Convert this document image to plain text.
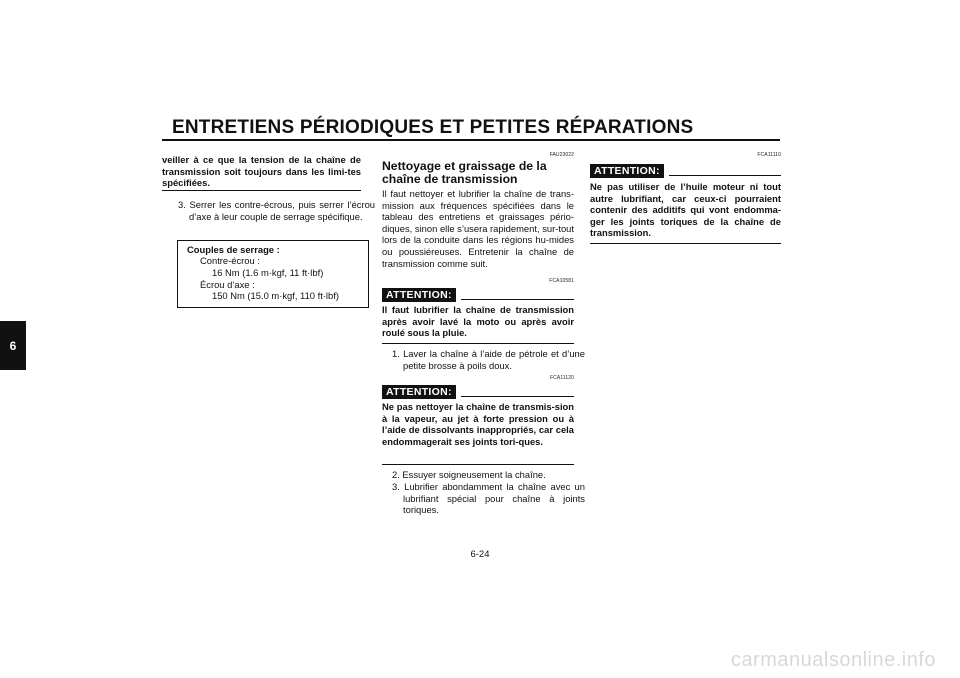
ENTRETIENS PÉRIODIQUES ET PETITES RÉPARATIONS
6
veiller à ce que la tension de la chaîne de transmission soit toujours dans les limi-tes spécifiées.
3. Serrer les contre-écrous, puis serrer l’écrou d’axe à leur couple de serrage spécifique.
Couples de serrage :
Contre-écrou :
16 Nm (1.6 m·kgf, 11 ft·lbf)
Écrou d’axe :
150 Nm (15.0 m·kgf, 110 ft·lbf)
FAU23022
Nettoyage et graissage de la
chaîne de transmission
Il faut nettoyer et lubrifier la chaîne de trans-mission aux fréquences spécifiées dans le tableau des entretiens et graissages pério-diques, sinon elle s’usera rapidement, sur-tout lors de la conduite dans les régions hu-mides ou poussiéreuses. Entretenir la chaîne de transmission comme suit.
FCA10581
ATTENTION:
Il faut lubrifier la chaîne de transmission après avoir lavé la moto ou après avoir roulé sous la pluie.
1. Laver la chaîne à l’aide de pétrole et d’une petite brosse à poils doux.
FCA11120
ATTENTION:
Ne pas nettoyer la chaîne de transmis-sion à la vapeur, au jet à forte pression ou à l’aide de dissolvants inappropriés, car cela endommagerait ses joints tori-ques.
2. Essuyer soigneusement la chaîne.
3. Lubrifier abondamment la chaîne avec un lubrifiant spécial pour chaîne à joints toriques.
FCA11110
ATTENTION:
Ne pas utiliser de l’huile moteur ni tout autre lubrifiant, car ceux-ci pourraient contenir des additifs qui vont endomma-ger les joints toriques de la chaîne de transmission.
6-24
carmanualsonline.info
